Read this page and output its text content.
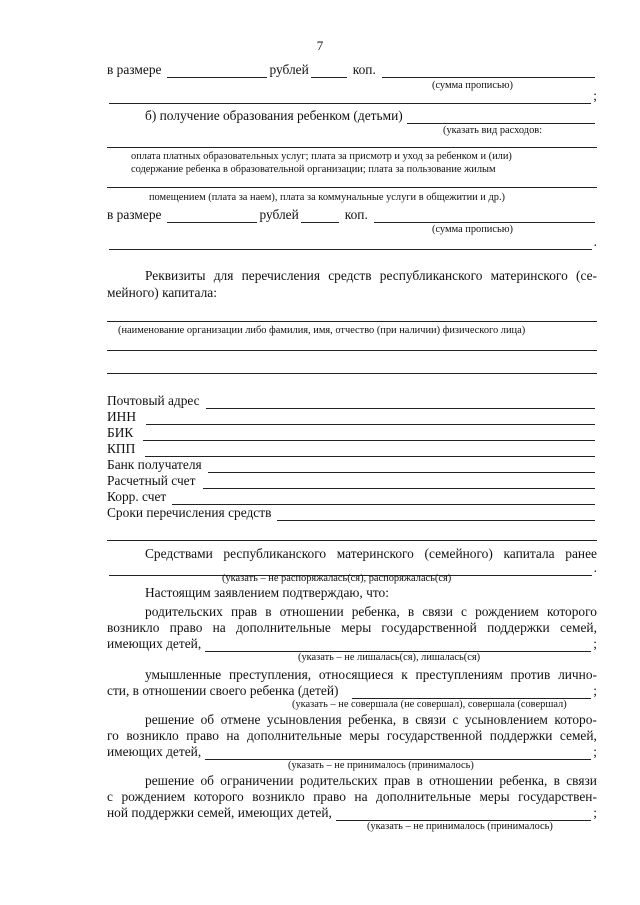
7
в размере	рублей	коп.
(сумма прописью)
;
б) получение образования ребенком (детьми)
(указать вид расходов:
оплата платных образовательных услуг; плата за присмотр и уход за ребенком и (или)
содержание ребенка в образовательной организации; плата за пользование жилым
помещением (плата за наем), плата за коммунальные услуги в общежитии и др.)
в размере	рублей	коп.
(сумма прописью)
.
Реквизиты для перечисления средств республиканского материнского (се-
мейного) капитала:
(наименование организации либо фамилия, имя, отчество (при наличии) физического лица)
Почтовый адрес
ИНН
БИК
КПП
Банк получателя
Расчетный счет
Корр. счет
Сроки перечисления средств
Средствами республиканского материнского (семейного) капитала ранее
.
(указать – не распоряжалась(ся), распоряжалась(ся)
Настоящим заявлением подтверждаю, что:
родительских прав в отношении ребенка, в связи с рождением которого
возникло право на дополнительные меры государственной поддержки семей,
имеющих детей,	;
(указать – не лишалась(ся), лишалась(ся)
умышленные преступления, относящиеся к преступлениям против лично-
сти, в отношении своего ребенка (детей)	;
(указать – не совершала (не совершал), совершала (совершал)
решение об отмене усыновления ребенка, в связи с усыновлением которо-
го возникло право на дополнительные меры государственной поддержки семей,
имеющих детей,	;
(указать – не принималось (принималось)
решение об ограничении родительских прав в отношении ребенка, в связи
с рождением которого возникло право на дополнительные меры государствен-
ной поддержки семей, имеющих детей,	;
(указать – не принималось (принималось)
